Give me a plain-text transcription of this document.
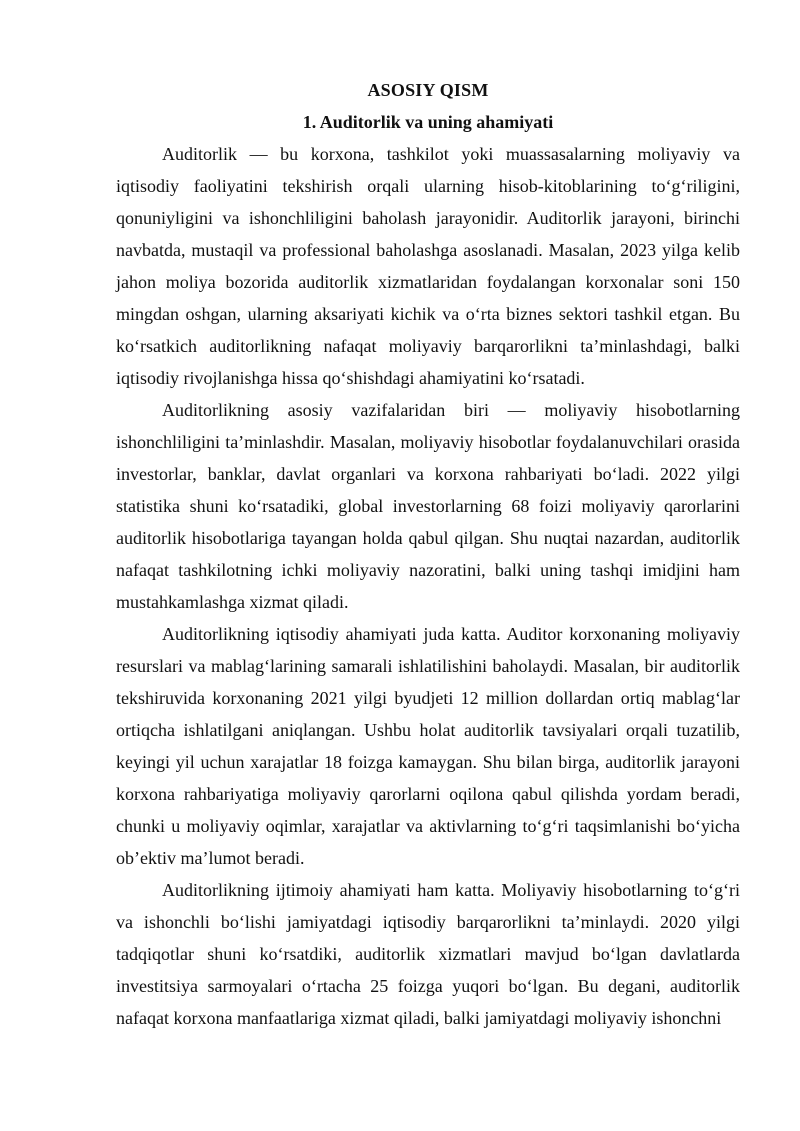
ASOSIY QISM
1. Auditorlik va uning ahamiyati

Auditorlik — bu korxona, tashkilot yoki muassasalarning moliyaviy va iqtisodiy faoliyatini tekshirish orqali ularning hisob-kitoblarining to‘g‘riligini, qonuniyligini va ishonchliligini baholash jarayonidir. Auditorlik jarayoni, birinchi navbatda, mustaqil va professional baholashga asoslanadi. Masalan, 2023 yilga kelib jahon moliya bozorida auditorlik xizmatlaridan foydalangan korxonalar soni 150 mingdan oshgan, ularning aksariyati kichik va o‘rta biznes sektori tashkil etgan. Bu ko‘rsatkich auditorlikning nafaqat moliyaviy barqarorlikni ta’minlashdagi, balki iqtisodiy rivojlanishga hissa qo‘shishdagi ahamiyatini ko‘rsatadi.

Auditorlikning asosiy vazifalaridan biri — moliyaviy hisobotlarning ishonchliligini ta’minlashdir. Masalan, moliyaviy hisobotlar foydalanuvchilari orasida investorlar, banklar, davlat organlari va korxona rahbariyati bo‘ladi. 2022 yilgi statistika shuni ko‘rsatadiki, global investorlarning 68 foizi moliyaviy qarorlarini auditorlik hisobotlariga tayangan holda qabul qilgan. Shu nuqtai nazardan, auditorlik nafaqat tashkilotning ichki moliyaviy nazoratini, balki uning tashqi imidjini ham mustahkamlashga xizmat qiladi.

Auditorlikning iqtisodiy ahamiyati juda katta. Auditor korxonaning moliyaviy resurslari va mablag‘larining samarali ishlatilishini baholaydi. Masalan, bir auditorlik tekshiruvida korxonaning 2021 yilgi byudjeti 12 million dollardan ortiq mablag‘lar ortiqcha ishlatilgani aniqlangan. Ushbu holat auditorlik tavsiyalari orqali tuzatilib, keyingi yil uchun xarajatlar 18 foizga kamaygan. Shu bilan birga, auditorlik jarayoni korxona rahbariyatiga moliyaviy qarorlarni oqilona qabul qilishda yordam beradi, chunki u moliyaviy oqimlar, xarajatlar va aktivlarning to‘g‘ri taqsimlanishi bo‘yicha ob’ektiv ma’lumot beradi.

Auditorlikning ijtimoiy ahamiyati ham katta. Moliyaviy hisobotlarning to‘g‘ri va ishonchli bo‘lishi jamiyatdagi iqtisodiy barqarorlikni ta’minlaydi. 2020 yilgi tadqiqotlar shuni ko‘rsatdiki, auditorlik xizmatlari mavjud bo‘lgan davlatlarda investitsiya sarmoyalari o‘rtacha 25 foizga yuqori bo‘lgan. Bu degani, auditorlik nafaqat korxona manfaatlariga xizmat qiladi, balki jamiyatdagi moliyaviy ishonchni
